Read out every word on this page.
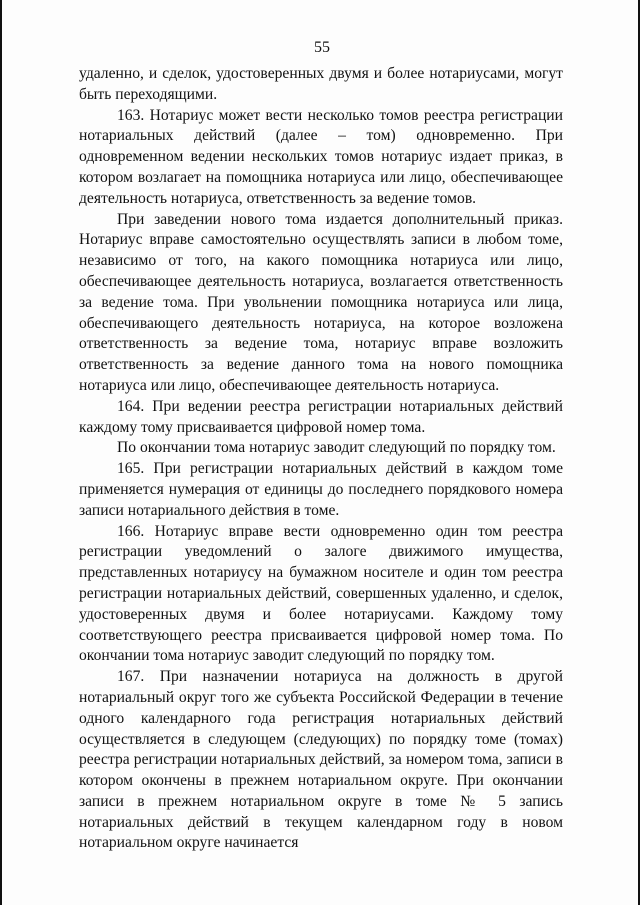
55

удаленно, и сделок, удостоверенных двумя и более нотариусами, могут быть переходящими.

163. Нотариус может вести несколько томов реестра регистрации нотариальных действий (далее – том) одновременно. При одновременном ведении нескольких томов нотариус издает приказ, в котором возлагает на помощника нотариуса или лицо, обеспечивающее деятельность нотариуса, ответственность за ведение томов.

При заведении нового тома издается дополнительный приказ. Нотариус вправе самостоятельно осуществлять записи в любом томе, независимо от того, на какого помощника нотариуса или лицо, обеспечивающее деятельность нотариуса, возлагается ответственность за ведение тома. При увольнении помощника нотариуса или лица, обеспечивающего деятельность нотариуса, на которое возложена ответственность за ведение тома, нотариус вправе возложить ответственность за ведение данного тома на нового помощника нотариуса или лицо, обеспечивающее деятельность нотариуса.

164. При ведении реестра регистрации нотариальных действий каждому тому присваивается цифровой номер тома.

По окончании тома нотариус заводит следующий по порядку том.

165. При регистрации нотариальных действий в каждом томе применяется нумерация от единицы до последнего порядкового номера записи нотариального действия в томе.

166. Нотариус вправе вести одновременно один том реестра регистрации уведомлений о залоге движимого имущества, представленных нотариусу на бумажном носителе и один том реестра регистрации нотариальных действий, совершенных удаленно, и сделок, удостоверенных двумя и более нотариусами. Каждому тому соответствующего реестра присваивается цифровой номер тома. По окончании тома нотариус заводит следующий по порядку том.

167. При назначении нотариуса на должность в другой нотариальный округ того же субъекта Российской Федерации в течение одного календарного года регистрация нотариальных действий осуществляется в следующем (следующих) по порядку томе (томах) реестра регистрации нотариальных действий, за номером тома, записи в котором окончены в прежнем нотариальном округе. При окончании записи в прежнем нотариальном округе в томе № 5 запись нотариальных действий в текущем календарном году в новом нотариальном округе начинается
